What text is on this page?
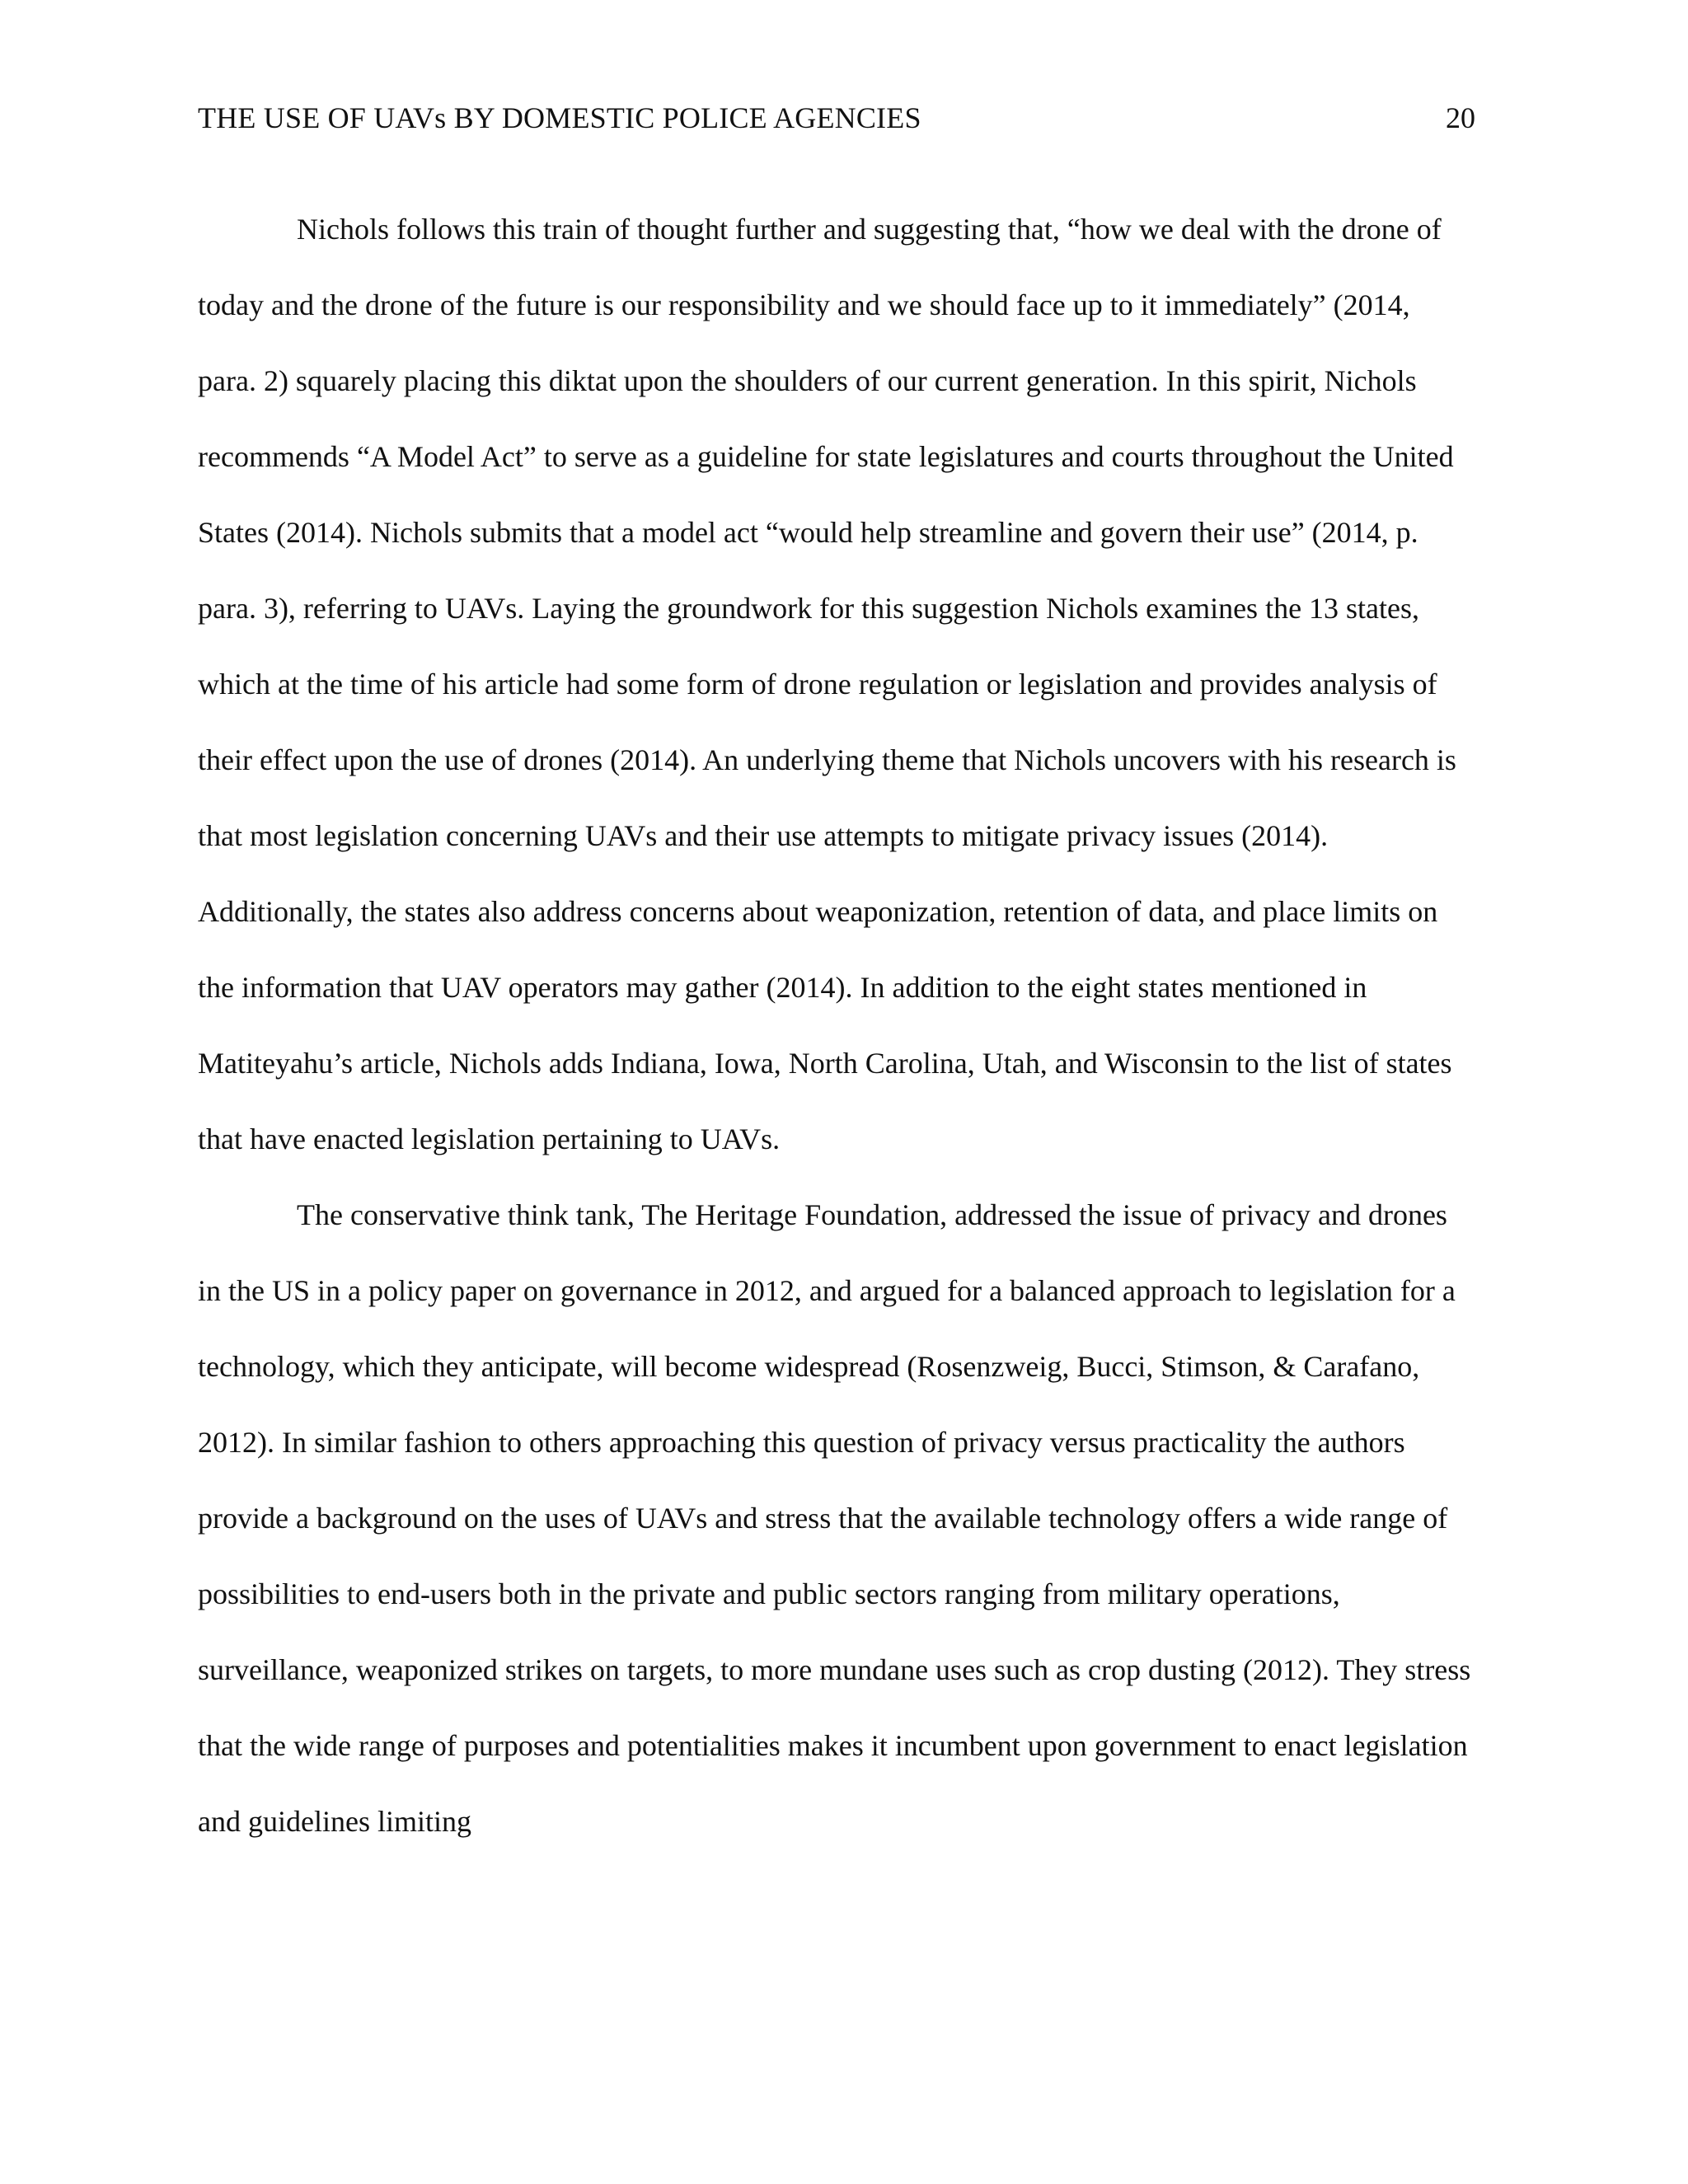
THE USE OF UAVs BY DOMESTIC POLICE AGENCIES	20

Nichols follows this train of thought further and suggesting that, “how we deal with the drone of today and the drone of the future is our responsibility and we should face up to it immediately” (2014, para. 2) squarely placing this diktat upon the shoulders of our current generation. In this spirit, Nichols recommends “A Model Act” to serve as a guideline for state legislatures and courts throughout the United States (2014). Nichols submits that a model act “would help streamline and govern their use” (2014, p. para. 3), referring to UAVs. Laying the groundwork for this suggestion Nichols examines the 13 states, which at the time of his article had some form of drone regulation or legislation and provides analysis of their effect upon the use of drones (2014). An underlying theme that Nichols uncovers with his research is that most legislation concerning UAVs and their use attempts to mitigate privacy issues (2014). Additionally, the states also address concerns about weaponization, retention of data, and place limits on the information that UAV operators may gather (2014). In addition to the eight states mentioned in Matiteyahu’s article, Nichols adds Indiana, Iowa, North Carolina, Utah, and Wisconsin to the list of states that have enacted legislation pertaining to UAVs.

The conservative think tank, The Heritage Foundation, addressed the issue of privacy and drones in the US in a policy paper on governance in 2012, and argued for a balanced approach to legislation for a technology, which they anticipate, will become widespread (Rosenzweig, Bucci, Stimson, & Carafano, 2012). In similar fashion to others approaching this question of privacy versus practicality the authors provide a background on the uses of UAVs and stress that the available technology offers a wide range of possibilities to end-users both in the private and public sectors ranging from military operations, surveillance, weaponized strikes on targets, to more mundane uses such as crop dusting (2012). They stress that the wide range of purposes and potentialities makes it incumbent upon government to enact legislation and guidelines limiting
